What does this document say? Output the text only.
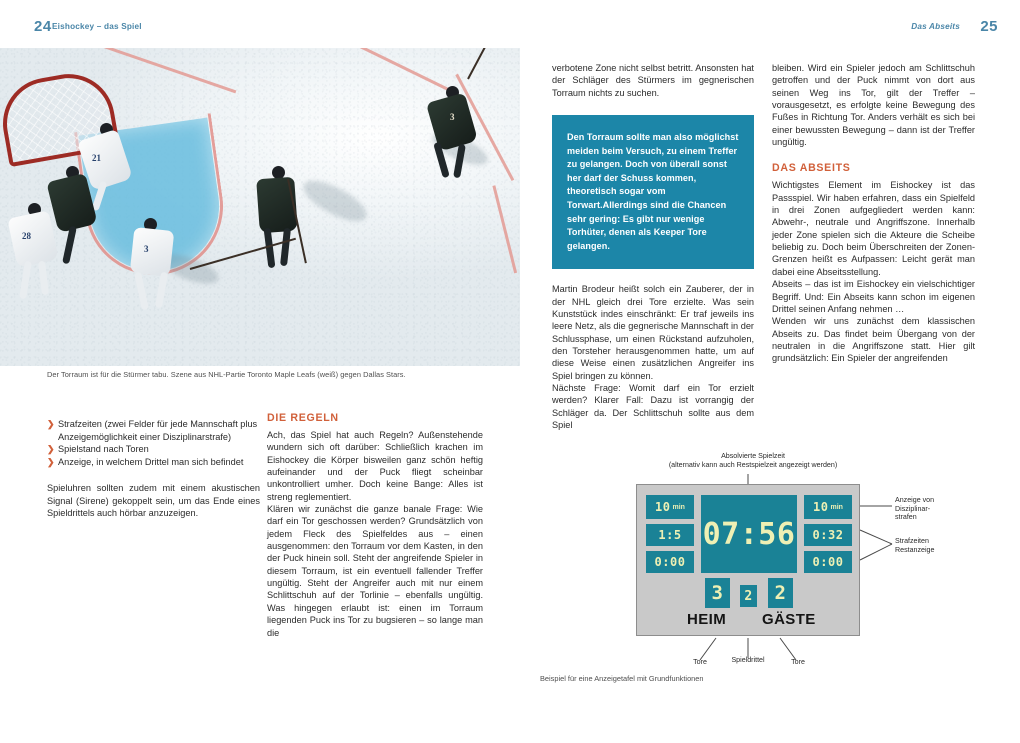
24 Eishockey – das Spiel	Das Abseits 25
28
3
21
3
Der Torraum ist für die Stürmer tabu. Szene aus NHL-Partie Toronto Maple Leafs (weiß) gegen Dallas Stars.
❯ Strafzeiten (zwei Felder für jede Mannschaft plus Anzeigemöglichkeit einer Disziplinarstrafe)
❯ Spielstand nach Toren
❯ Anzeige, in welchem Drittel man sich befindet

Spieluhren sollten zudem mit einem akustischen Signal (Sirene) gekoppelt sein, um das Ende eines Spieldrittels auch hörbar anzuzeigen.

DIE REGELN

Ach, das Spiel hat auch Regeln? Außenstehende wundern sich oft darüber: Schließlich krachen im Eishockey die Körper bisweilen ganz schön heftig aufeinander und der Puck fliegt scheinbar unkontrolliert umher. Doch keine Bange: Alles ist streng reglementiert.

Klären wir zunächst die ganze banale Frage: Wie darf ein Tor geschossen werden? Grundsätzlich von jedem Fleck des Spielfeldes aus – einen ausgenommen: den Torraum vor dem Kasten, in den der Puck hinein soll. Steht der angreifende Spieler in diesem Torraum, ist ein eventuell fallender Treffer ungültig. Steht der Angreifer auch mit nur einem Schlittschuh auf der Torlinie – ebenfalls ungültig. Was hingegen erlaubt ist: einen im Torraum liegenden Puck ins Tor zu bugsieren – so lange man die

verbotene Zone nicht selbst betritt. Ansonsten hat der Schläger des Stürmers im gegnerischen Torraum nichts zu suchen.

Den Torraum sollte man also möglichst meiden beim Versuch, zu einem Treffer zu gelangen. Doch von überall sonst her darf der Schuss kommen, theoretisch sogar vom Torwart.Allerdings sind die Chancen sehr gering: Es gibt nur wenige Torhüter, denen als Keeper Tore gelangen.

Martin Brodeur heißt solch ein Zauberer, der in der NHL gleich drei Tore erzielte. Was sein Kunststück indes einschränkt: Er traf jeweils ins leere Netz, als die gegnerische Mannschaft in der Schlussphase, um einen Rückstand aufzuholen, den Torsteher herausgenommen hatte, um auf diese Weise einen zusätzlichen Angreifer ins Spiel bringen zu können.

Nächste Frage: Womit darf ein Tor erzielt werden? Klarer Fall: Dazu ist vorrangig der Schläger da. Der Schlittschuh sollte aus dem Spiel

bleiben. Wird ein Spieler jedoch am Schlittschuh getroffen und der Puck nimmt von dort aus seinen Weg ins Tor, gilt der Treffer – vorausgesetzt, es erfolgte keine Bewegung des Fußes in Richtung Tor. Anders verhält es sich bei einer bewussten Bewegung – dann ist der Treffer ungültig.

DAS ABSEITS

Wichtigstes Element im Eishockey ist das Passspiel. Wir haben erfahren, dass ein Spielfeld in drei Zonen aufgegliedert werden kann: Abwehr-, neutrale und Angriffszone. Innerhalb jeder Zone spielen sich die Akteure die Scheibe beliebig zu. Doch beim Überschreiten der Zonen-Grenzen heißt es Aufpassen: Leicht gerät man dabei eine Abseitsstellung.

Abseits – das ist im Eishockey ein vielschichtiger Begriff. Und: Ein Abseits kann schon im eigenen Drittel seinen Anfang nehmen …

Wenden wir uns zunächst dem klassischen Abseits zu. Das findet beim Übergang von der neutralen in die Angriffszone statt. Hier gilt grundsätzlich: Ein Spieler der angreifenden

Absolvierte Spielzeit
(alternativ kann auch Restspielzeit angezeigt werden)
10 min
1:5
0:00
07:56
10 min
0:32
0:00
3	2	2
HEIM GÄSTE
Anzeige von
Disziplinar-
strafen
Strafzeiten
Restanzeige
Tore	Spieldrittel	Tore
Beispiel für eine Anzeigetafel mit Grundfunktionen
